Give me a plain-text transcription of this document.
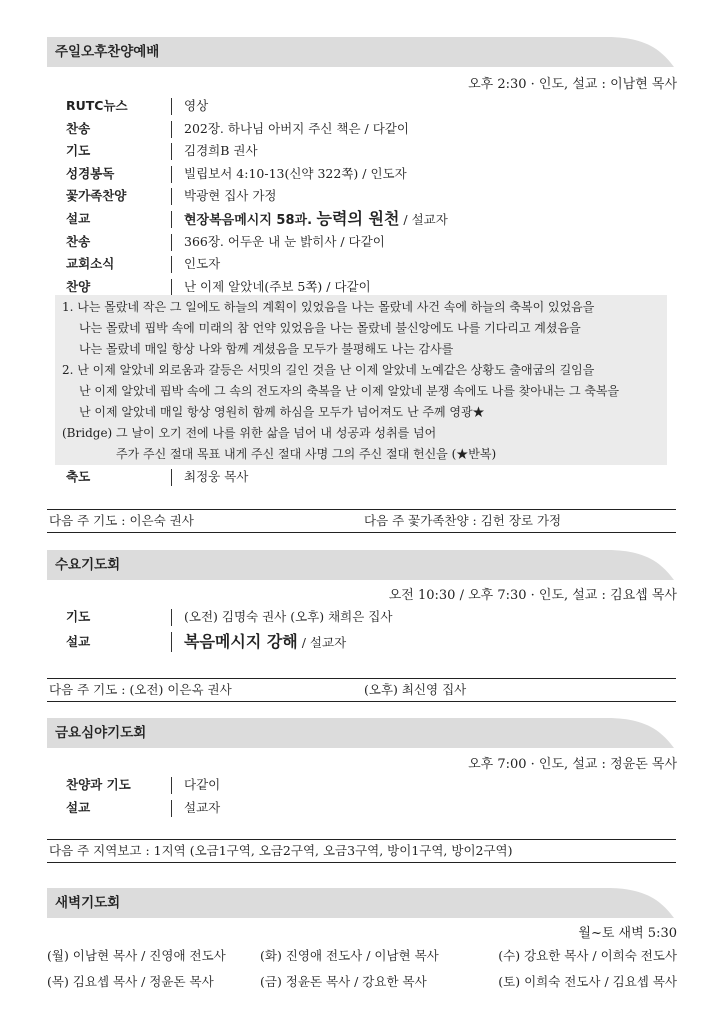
주일오후찬양예배
오후 2:30 · 인도, 설교 : 이남현 목사
RUTC뉴스	영상
찬송	202장. 하나님 아버지 주신 책은 / 다같이
기도	김경희B 권사
성경봉독	빌립보서 4:10-13(신약 322쪽) / 인도자
꽃가족찬양	박광현 집사 가정
설교	현장복음메시지 58과. 능력의 원천 / 설교자
찬송	366장. 어두운 내 눈 밝히사 / 다같이
교회소식	인도자
찬양	난 이제 알았네(주보 5쪽) / 다같이
1. 나는 몰랐네 작은 그 일에도 하늘의 계획이 있었음을 나는 몰랐네 사건 속에 하늘의 축복이 있었음을
나는 몰랐네 핍박 속에 미래의 참 언약 있었음을 나는 몰랐네 불신앙에도 나를 기다리고 계셨음을
나는 몰랐네 매일 항상 나와 함께 계셨음을 모두가 불평해도 나는 감사를
2. 난 이제 알았네 외로움과 갈등은 서밋의 길인 것을 난 이제 알았네 노예같은 상황도 출애굽의 길임을
난 이제 알았네 핍박 속에 그 속의 전도자의 축복을 난 이제 알았네 분쟁 속에도 나를 찾아내는 그 축복을
난 이제 알았네 매일 항상 영원히 함께 하심을 모두가 넘어져도 난 주께 영광★
(Bridge) 그 날이 오기 전에 나를 위한 삶을 넘어 내 성공과 성취를 넘어
주가 주신 절대 목표 내게 주신 절대 사명 그의 주신 절대 헌신을 (★반복)
축도	최정웅 목사
다음 주 기도 : 이은숙 권사	다음 주 꽃가족찬양 : 김헌 장로 가정
수요기도회
오전 10:30 / 오후 7:30 · 인도, 설교 : 김요셉 목사
기도	(오전) 김명숙 권사 (오후) 채희은 집사
설교	복음메시지 강해 / 설교자
다음 주 기도 : (오전) 이은옥 권사	(오후) 최신영 집사
금요심야기도회
오후 7:00 · 인도, 설교 : 정윤돈 목사
찬양과 기도	다같이
설교	설교자
다음 주 지역보고 : 1지역 (오금1구역, 오금2구역, 오금3구역, 방이1구역, 방이2구역)
새벽기도회
월~토 새벽 5:30
(월) 이남현 목사 / 진영애 전도사	(화) 진영애 전도사 / 이남현 목사	(수) 강요한 목사 / 이희숙 전도사
(목) 김요셉 목사 / 정윤돈 목사	(금) 정윤돈 목사 / 강요한 목사	(토) 이희숙 전도사 / 김요셉 목사
